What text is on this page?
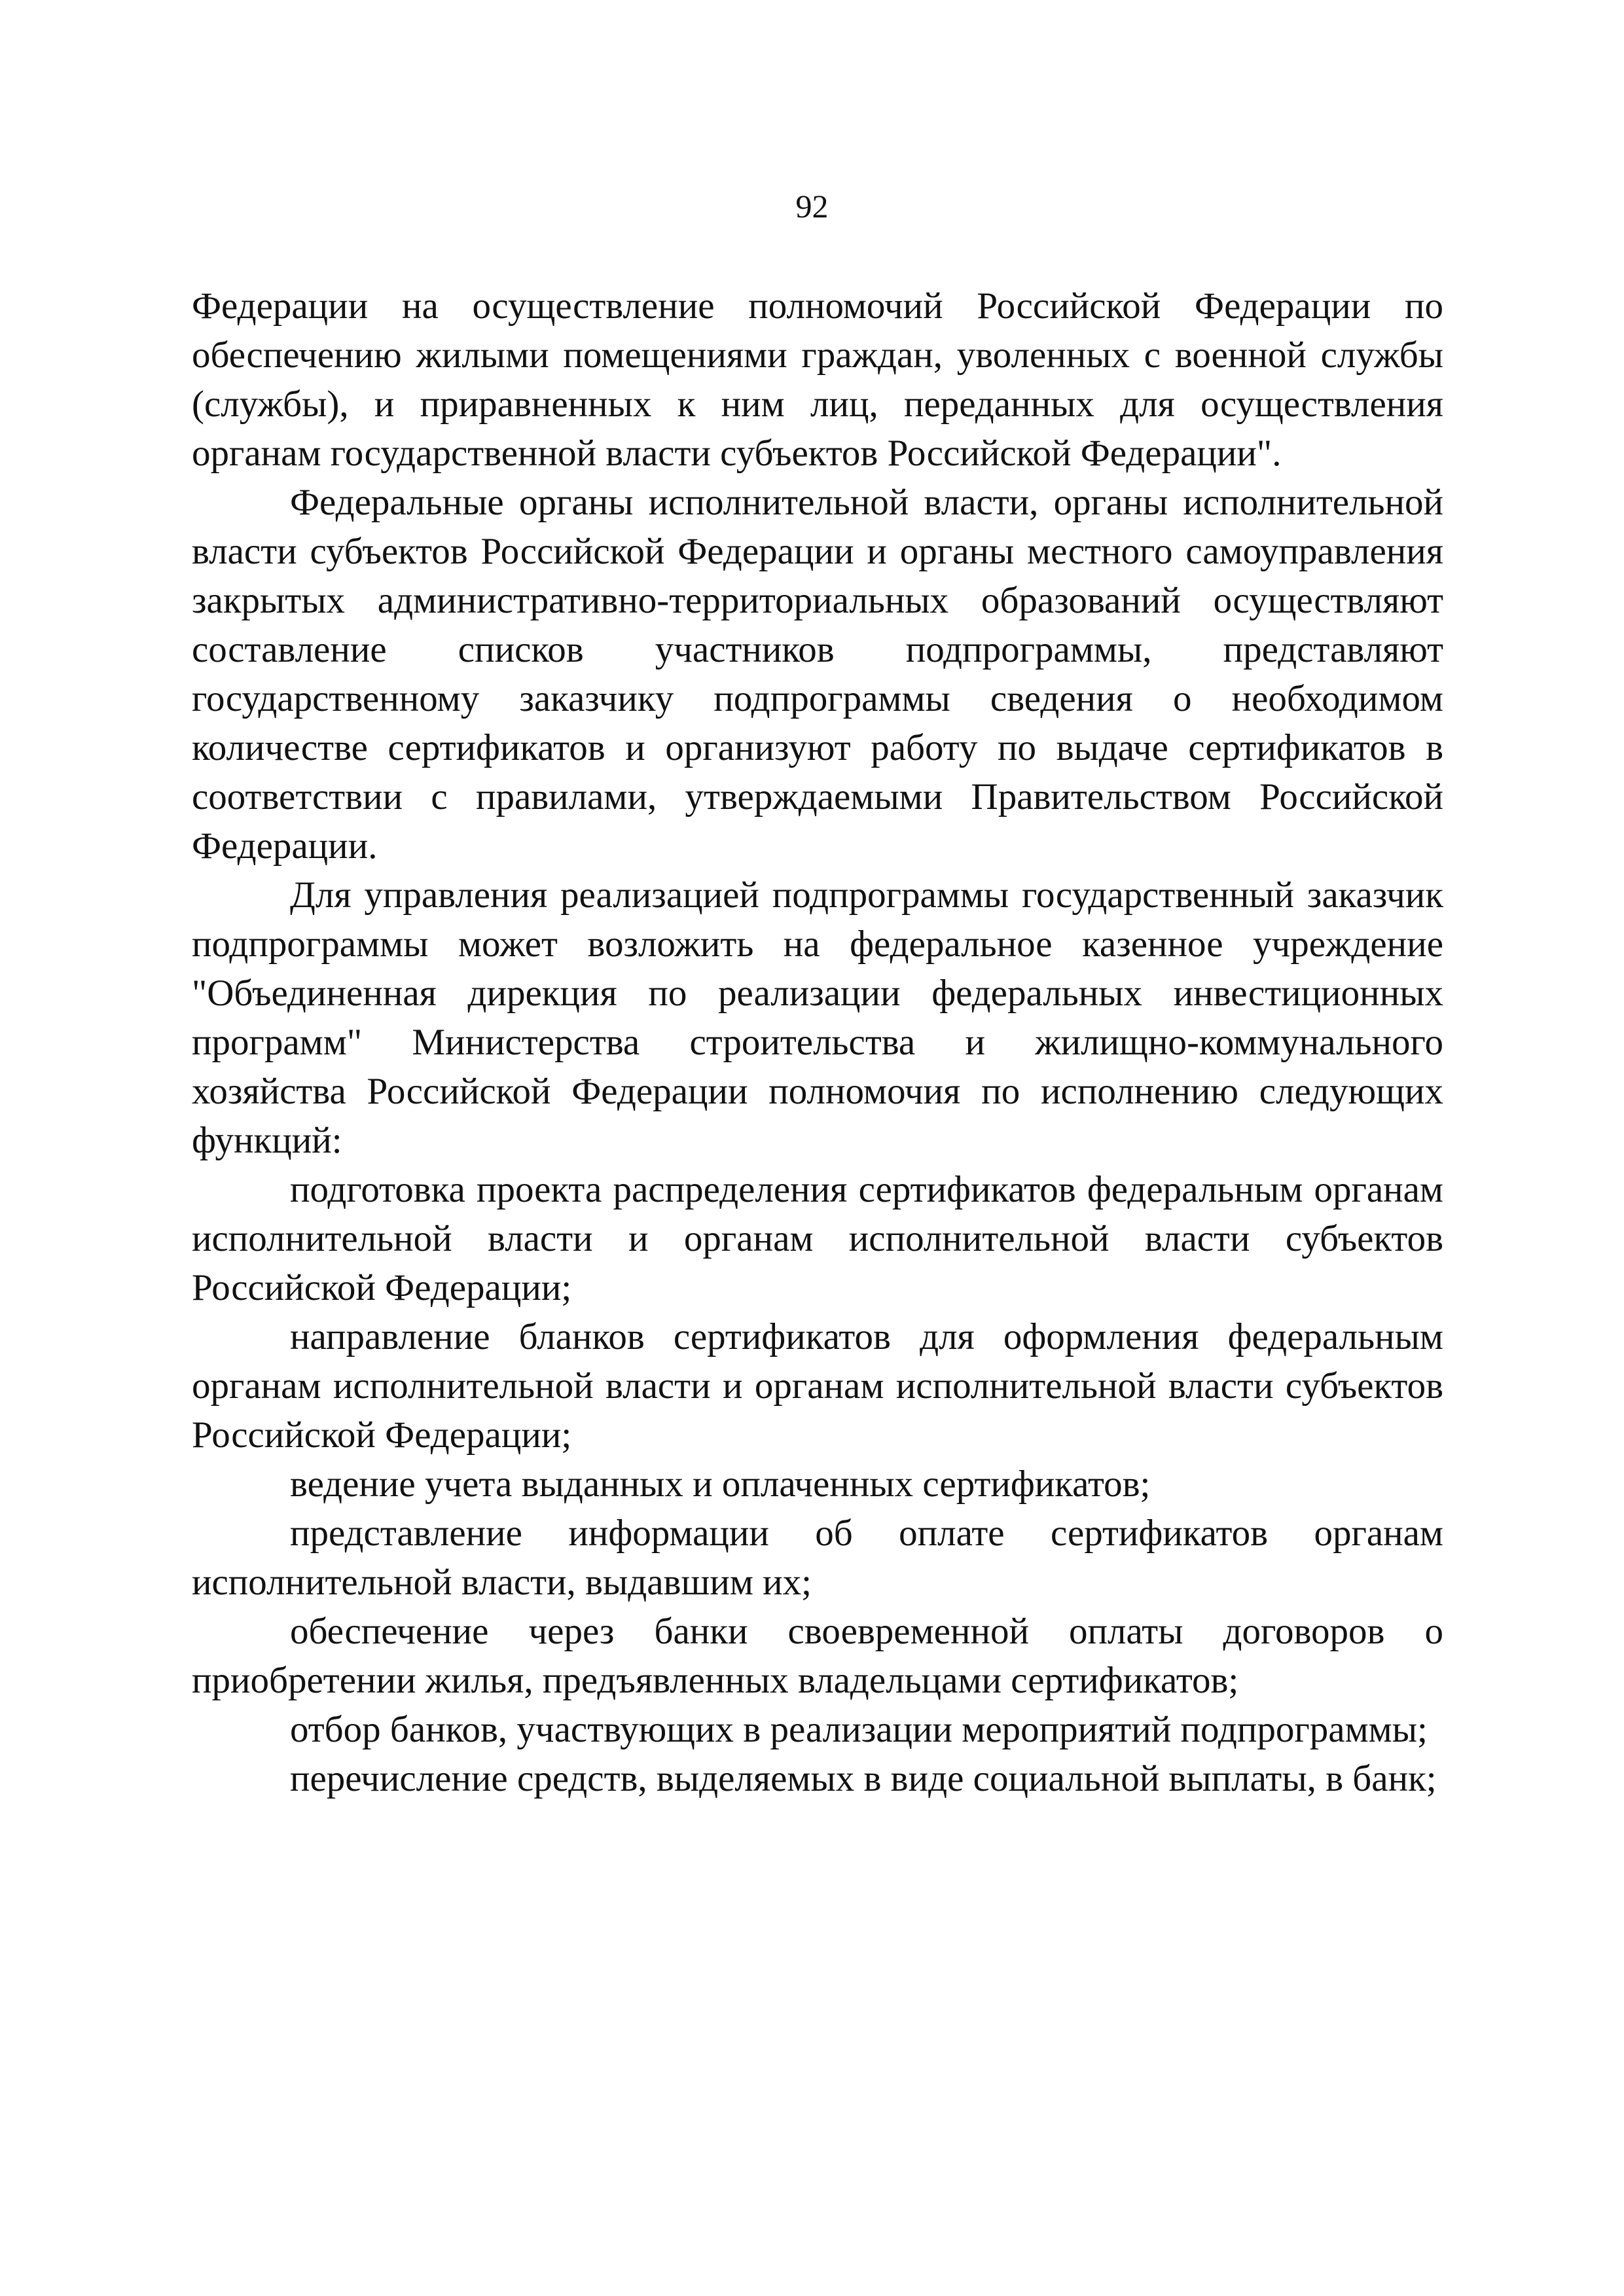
92

Федерации на осуществление полномочий Российской Федерации по обеспечению жилыми помещениями граждан, уволенных с военной службы (службы), и приравненных к ним лиц, переданных для осуществления органам государственной власти субъектов Российской Федерации".

Федеральные органы исполнительной власти, органы исполнительной власти субъектов Российской Федерации и органы местного самоуправления закрытых административно-территориальных образований осуществляют составление списков участников подпрограммы, представляют государственному заказчику подпрограммы сведения о необходимом количестве сертификатов и организуют работу по выдаче сертификатов в соответствии с правилами, утверждаемыми Правительством Российской Федерации.

Для управления реализацией подпрограммы государственный заказчик подпрограммы может возложить на федеральное казенное учреждение "Объединенная дирекция по реализации федеральных инвестиционных программ" Министерства строительства и жилищно-коммунального хозяйства Российской Федерации полномочия по исполнению следующих функций:

подготовка проекта распределения сертификатов федеральным органам исполнительной власти и органам исполнительной власти субъектов Российской Федерации;

направление бланков сертификатов для оформления федеральным органам исполнительной власти и органам исполнительной власти субъектов Российской Федерации;

ведение учета выданных и оплаченных сертификатов;

представление информации об оплате сертификатов органам исполнительной власти, выдавшим их;

обеспечение через банки своевременной оплаты договоров о приобретении жилья, предъявленных владельцами сертификатов;

отбор банков, участвующих в реализации мероприятий подпрограммы;

перечисление средств, выделяемых в виде социальной выплаты, в банк;
